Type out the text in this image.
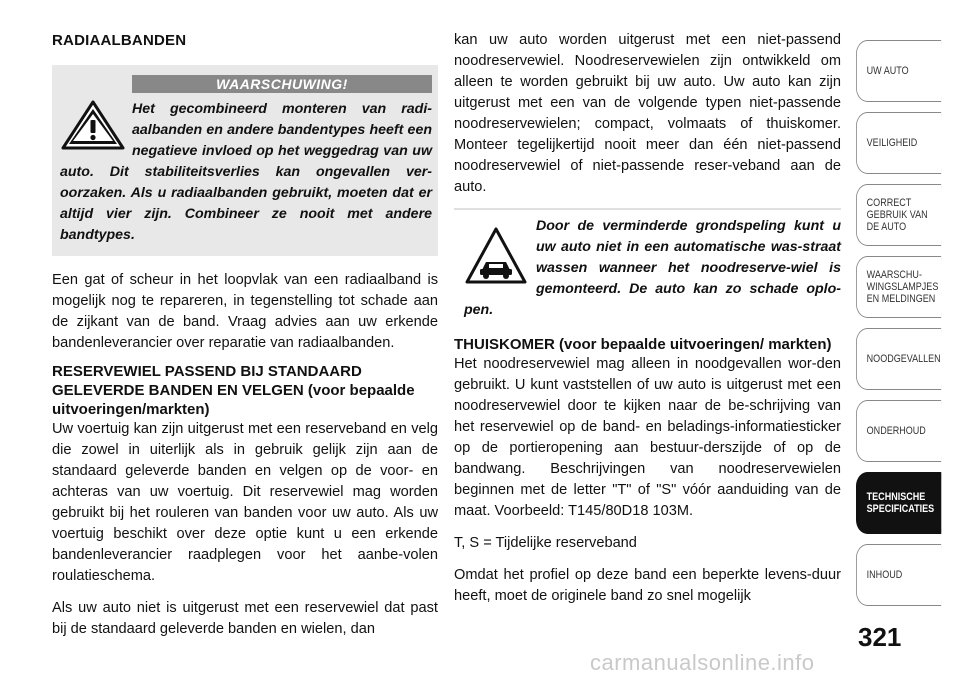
RADIAALBANDEN
WAARSCHUWING!
Het gecombineerd monteren van radi-aalbanden en andere bandentypes heeft een negatieve invloed op het weggedrag van uw auto. Dit stabiliteitsverlies kan ongevallen ver-oorzaken. Als u radiaalbanden gebruikt, moeten dat er altijd vier zijn. Combineer ze nooit met andere bandtypes.

Een gat of scheur in het loopvlak van een radiaalband is mogelijk nog te repareren, in tegenstelling tot schade aan de zijkant van de band. Vraag advies aan uw erkende bandenleverancier over reparatie van radiaalbanden.

RESERVEWIEL PASSEND BIJ STANDAARD GELEVERDE BANDEN EN VELGEN (voor bepaalde uitvoeringen/markten)

Uw voertuig kan zijn uitgerust met een reserveband en velg die zowel in uiterlijk als in gebruik gelijk zijn aan de standaard geleverde banden en velgen op de voor- en achteras van uw voertuig. Dit reservewiel mag worden gebruikt bij het rouleren van banden voor uw auto. Als uw voertuig beschikt over deze optie kunt u een erkende bandenleverancier raadplegen voor het aanbe-volen roulatieschema.

Als uw auto niet is uitgerust met een reservewiel dat past bij de standaard geleverde banden en wielen, dan

kan uw auto worden uitgerust met een niet-passend noodreservewiel. Noodreservewielen zijn ontwikkeld om alleen te worden gebruikt bij uw auto. Uw auto kan zijn uitgerust met een van de volgende typen niet-passende noodreservewielen; compact, volmaats of thuiskomer. Monteer tegelijkertijd nooit meer dan één niet-passend noodreservewiel of niet-passende reser-veband aan de auto.

Door de verminderde grondspeling kunt u uw auto niet in een automatische was-straat wassen wanneer het noodreserve-wiel is gemonteerd. De auto kan zo schade oplo-pen.
THUISKOMER (voor bepaalde uitvoeringen/ markten)

Het noodreservewiel mag alleen in noodgevallen wor-den gebruikt. U kunt vaststellen of uw auto is uitgerust met een noodreservewiel door te kijken naar de be-schrijving van het reservewiel op de band- en beladings-informatiesticker op de portieropening aan bestuur-derszijde of op de bandwang. Beschrijvingen van noodreservewielen beginnen met de letter "T" of "S" vóór aanduiding van de maat. Voorbeeld: T145/80D18 103M.

T, S = Tijdelijke reserveband

Omdat het profiel op deze band een beperkte levens-duur heeft, moet de originele band zo snel mogelijk

UW AUTO
VEILIGHEID
CORRECT
GEBRUIK VAN
DE AUTO
WAARSCHU-
WINGSLAMPJES
EN MELDINGEN
NOODGEVALLEN
ONDERHOUD
TECHNISCHE
SPECIFICATIES
INHOUD
321
carmanualsonline.info
